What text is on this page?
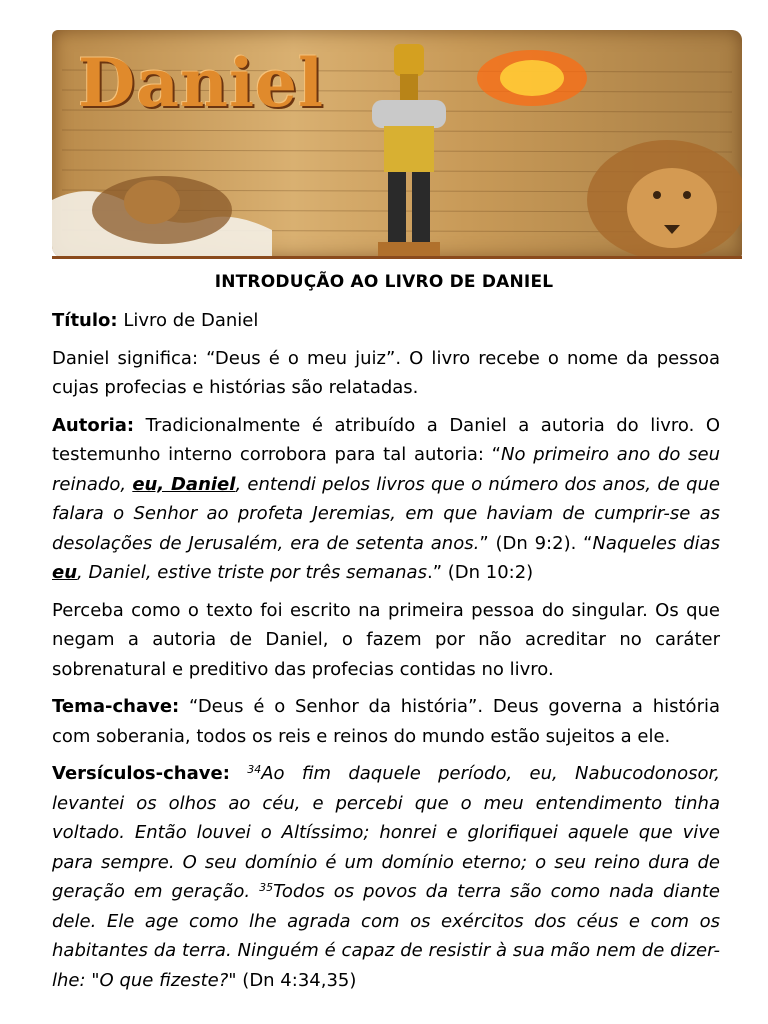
Daniel
INTRODUÇÃO AO LIVRO DE DANIEL

Título: Livro de Daniel

Daniel significa: “Deus é o meu juiz”. O livro recebe o nome da pessoa cujas profecias e histórias são relatadas.

Autoria: Tradicionalmente é atribuído a Daniel a autoria do livro. O testemunho interno corrobora para tal autoria: “No primeiro ano do seu reinado, eu, Daniel, entendi pelos livros que o número dos anos, de que falara o Senhor ao profeta Jeremias, em que haviam de cumprir-se as desolações de Jerusalém, era de setenta anos.” (Dn 9:2). “Naqueles dias eu, Daniel, estive triste por três semanas.” (Dn 10:2)

Perceba como o texto foi escrito na primeira pessoa do singular. Os que negam a autoria de Daniel, o fazem por não acreditar no caráter sobrenatural e preditivo das profecias contidas no livro.

Tema-chave: “Deus é o Senhor da história”. Deus governa a história com soberania, todos os reis e reinos do mundo estão sujeitos a ele.

Versículos-chave: $^{34}$Ao fim daquele período, eu, Nabucodonosor, levantei os olhos ao céu, e percebi que o meu entendimento tinha voltado. Então louvei o Altíssimo; honrei e glorifiquei aquele que vive para sempre. O seu domínio é um domínio eterno; o seu reino dura de geração em geração. $^{35}$Todos os povos da terra são como nada diante dele. Ele age como lhe agrada com os exércitos dos céus e com os habitantes da terra. Ninguém é capaz de resistir à sua mão nem de dizer-lhe: "O que fizeste?" (Dn 4:34,35)
